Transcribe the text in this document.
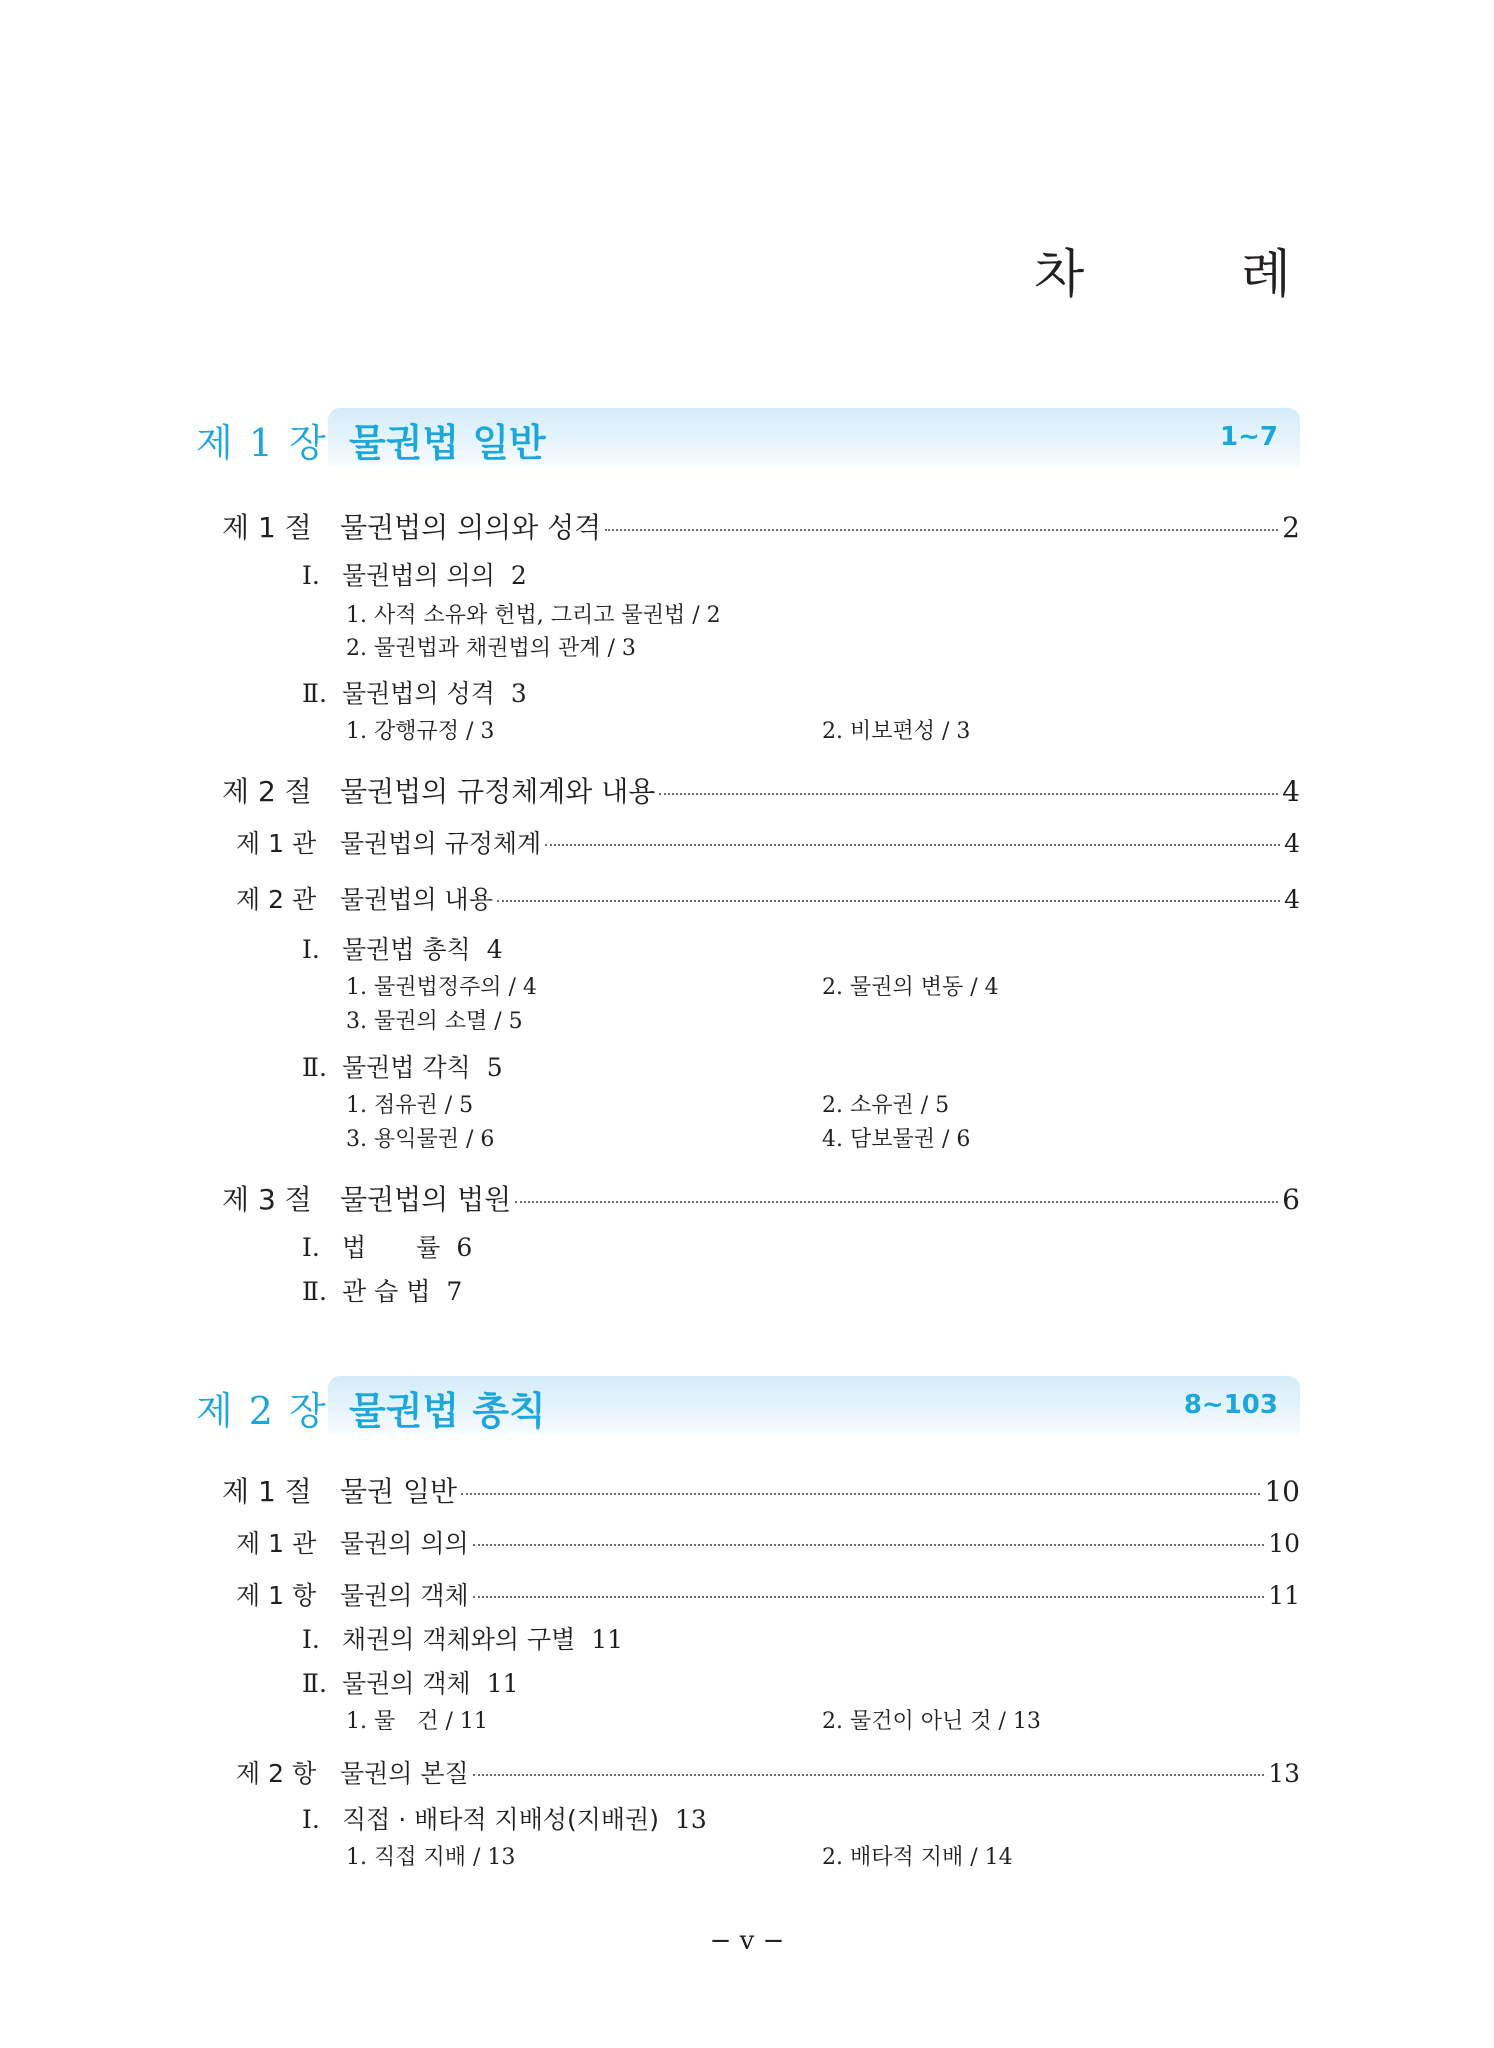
차 례
제 1 장 물권법 일반	1~7
제 1 절	물권법의 의의와 성격	2
Ⅰ. 물권법의 의의 2
1. 사적 소유와 헌법, 그리고 물권법 / 2
2. 물권법과 채권법의 관계 / 3
Ⅱ. 물권법의 성격 3
1. 강행규정 / 3	2. 비보편성 / 3
제 2 절	물권법의 규정체계와 내용	4
제 1 관 물권법의 규정체계	4
제 2 관 물권법의 내용	4
Ⅰ. 물권법 총칙 4
1. 물권법정주의 / 4	2. 물권의 변동 / 4
3. 물권의 소멸 / 5
Ⅱ. 물권법 각칙 5
1. 점유권 / 5	2. 소유권 / 5
3. 용익물권 / 6	4. 담보물권 / 6
제 3 절	물권법의 법원	6
Ⅰ. 법　　률 6
Ⅱ. 관 습 법 7
제 2 장 물권법 총칙	8~103
제 1 절	물권 일반	10
제 1 관 물권의 의의	10
제 1 항 물권의 객체	11
Ⅰ. 채권의 객체와의 구별 11
Ⅱ. 물권의 객체 11
1. 물　건 / 11	2. 물건이 아닌 것 / 13
제 2 항 물권의 본질	13
Ⅰ. 직접 · 배타적 지배성(지배권) 13
1. 직접 지배 / 13	2. 배타적 지배 / 14
− v −
